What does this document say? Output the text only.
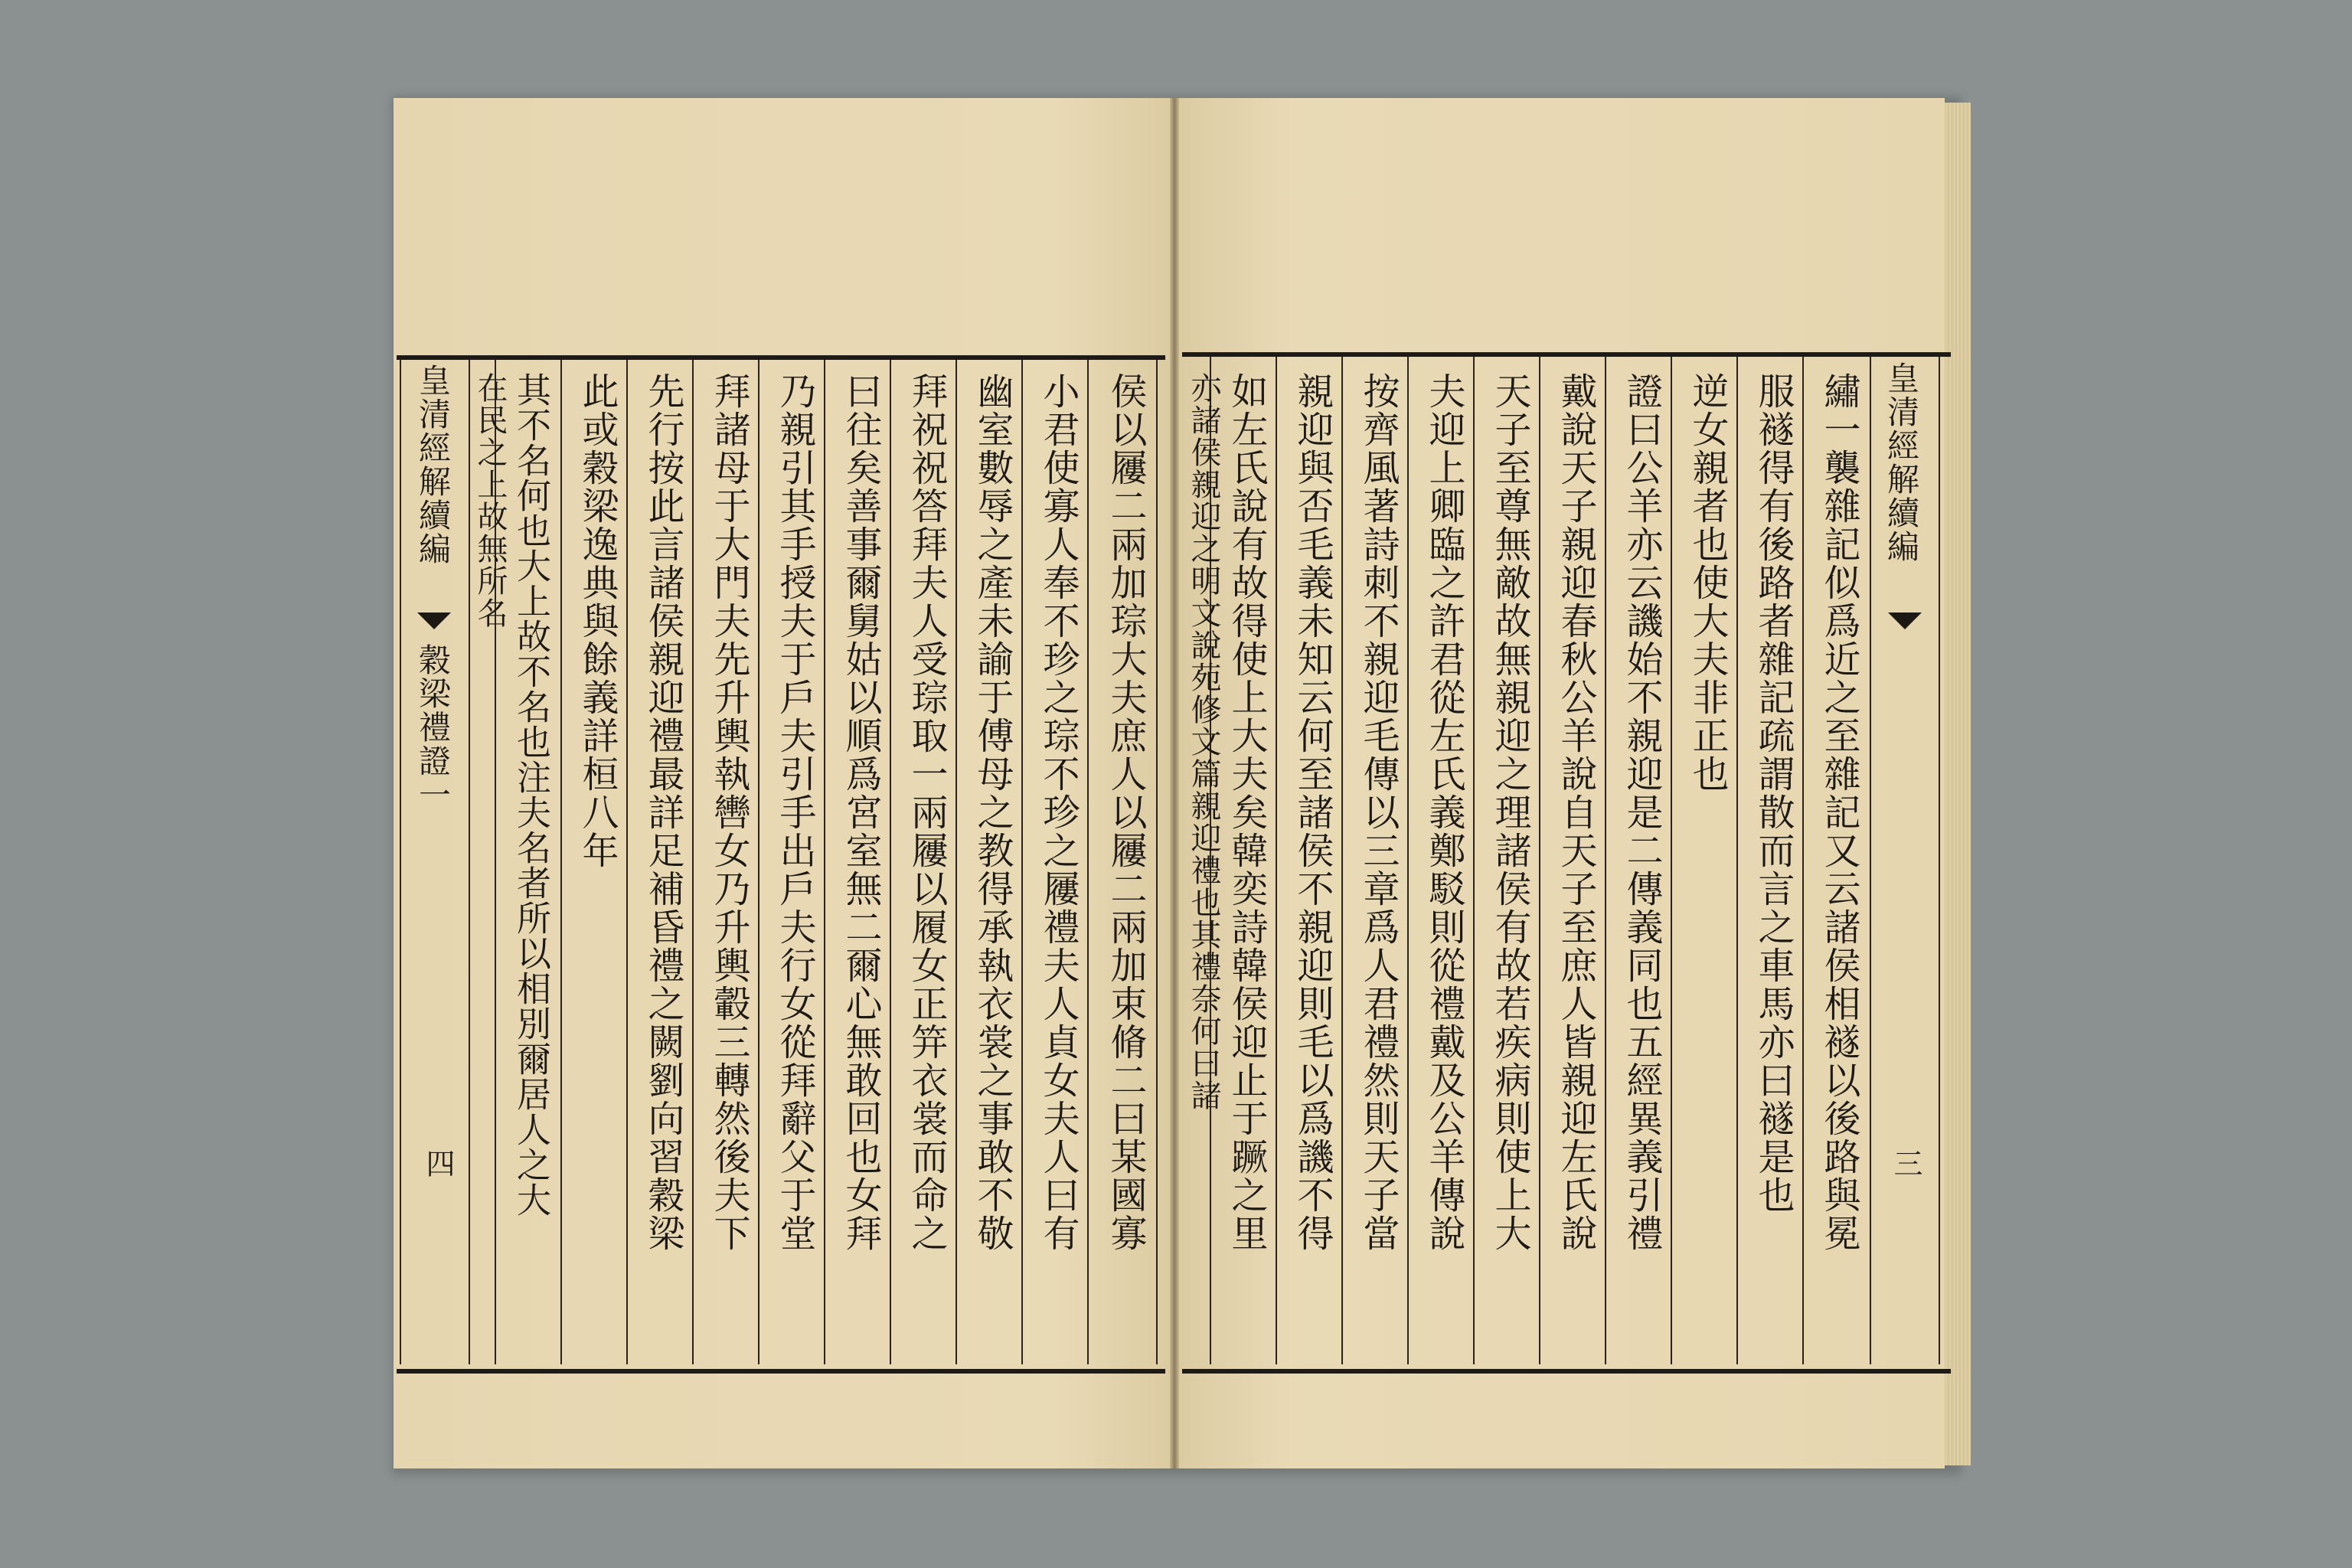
皇清經解續編
穀梁禮證一
四	侯以屨二兩加琮大夫庶人以屨二兩加束脩二曰某國寡
小君使寡人奉不珍之琮不珍之屨禮夫人貞女夫人曰有
幽室數辱之產未諭于傅母之教得承執衣裳之事敢不敬
拜祝祝答拜夫人受琮取一兩屨以履女正笄衣裳而命之
曰往矣善事爾舅姑以順爲宮室無二爾心無敢回也女拜
乃親引其手授夫于戶夫引手出戶夫行女從拜辭父于堂
拜諸母于大門夫先升輿執轡女乃升輿轂三轉然後夫下
先行按此言諸侯親迎禮最詳足補昏禮之闕劉向習穀梁
此或穀梁逸典與餘義詳桓八年
其不名何也大上故不名也注夫名者所以相別爾居人之大
在民之上故無所名	皇清經解續編
三
繡一襲雜記似爲近之至雜記又云諸侯相襚以後路與冕
服襚得有後路者雜記疏謂散而言之車馬亦曰襚是也
逆女親者也使大夫非正也
證曰公羊亦云譏始不親迎是二傳義同也五經異義引禮
戴說天子親迎春秋公羊說自天子至庶人皆親迎左氏說
天子至尊無敵故無親迎之理諸侯有故若疾病則使上大
夫迎上卿臨之許君從左氏義鄭駁則從禮戴及公羊傳說
按齊風著詩刺不親迎毛傳以三章爲人君禮然則天子當
親迎與否毛義未知云何至諸侯不親迎則毛以爲譏不得
如左氏說有故得使上大夫矣韓奕詩韓侯迎止于蹶之里
亦諸侯親迎之明文說苑修文篇親迎禮也其禮奈何曰諸
